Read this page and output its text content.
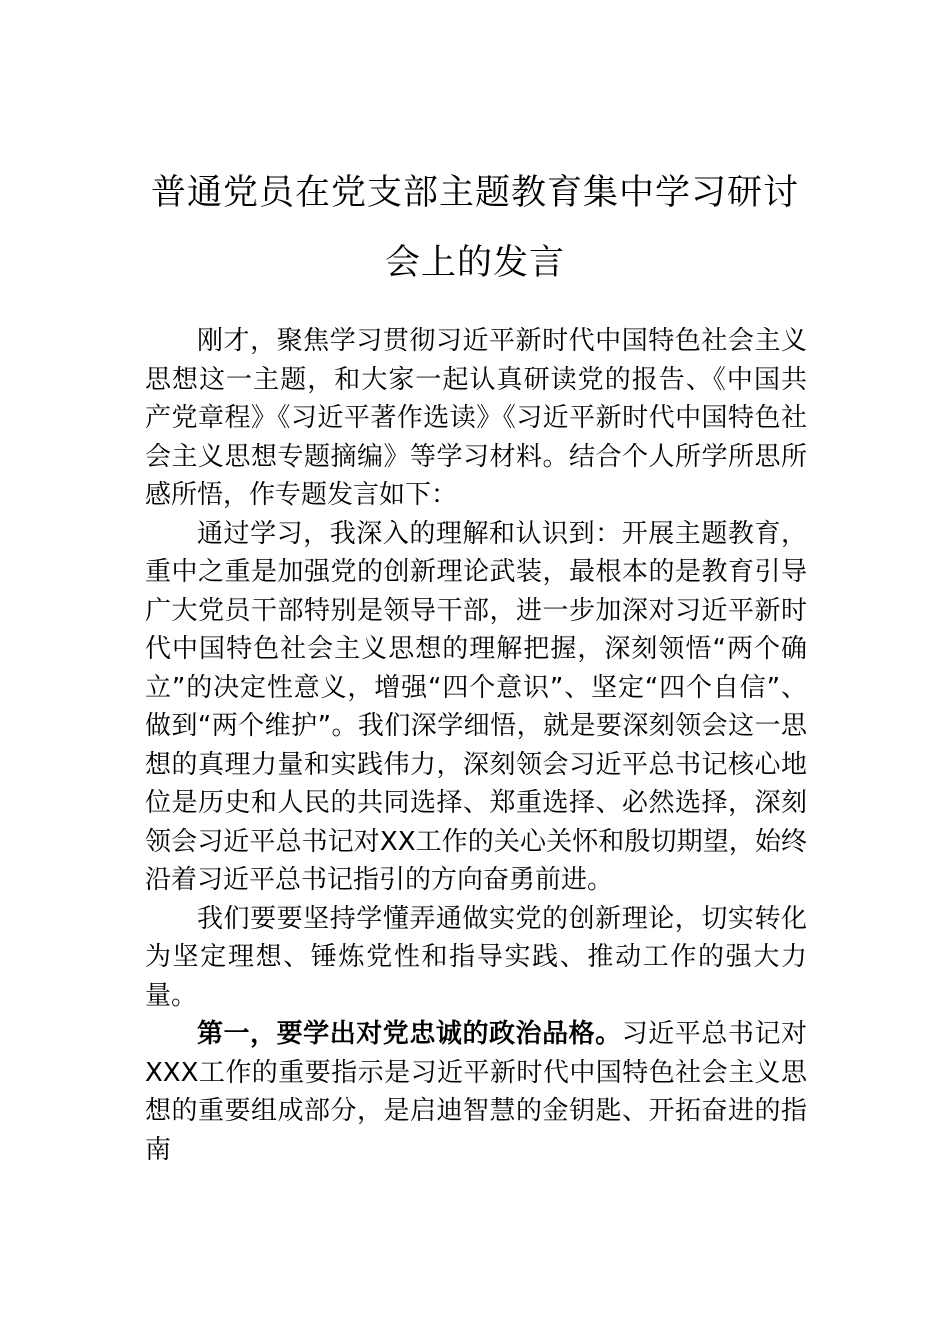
普通党员在党支部主题教育集中学习研讨
会上的发言

刚才，聚焦学习贯彻习近平新时代中国特色社会主义思想这一主题，和大家一起认真研读党的报告、《中国共产党章程》《习近平著作选读》《习近平新时代中国特色社会主义思想专题摘编》等学习材料。结合个人所学所思所感所悟，作专题发言如下：

通过学习，我深入的理解和认识到：开展主题教育，重中之重是加强党的创新理论武装，最根本的是教育引导广大党员干部特别是领导干部，进一步加深对习近平新时代中国特色社会主义思想的理解把握，深刻领悟“两个确立”的决定性意义，增强“四个意识”、坚定“四个自信”、做到“两个维护”。我们深学细悟，就是要深刻领会这一思想的真理力量和实践伟力，深刻领会习近平总书记核心地位是历史和人民的共同选择、郑重选择、必然选择，深刻领会习近平总书记对XX工作的关心关怀和殷切期望，始终沿着习近平总书记指引的方向奋勇前进。

我们要要坚持学懂弄通做实党的创新理论，切实转化为坚定理想、锤炼党性和指导实践、推动工作的强大力量。

第一，要学出对党忠诚的政治品格。习近平总书记对XXX工作的重要指示是习近平新时代中国特色社会主义思想的重要组成部分，是启迪智慧的金钥匙、开拓奋进的指南
